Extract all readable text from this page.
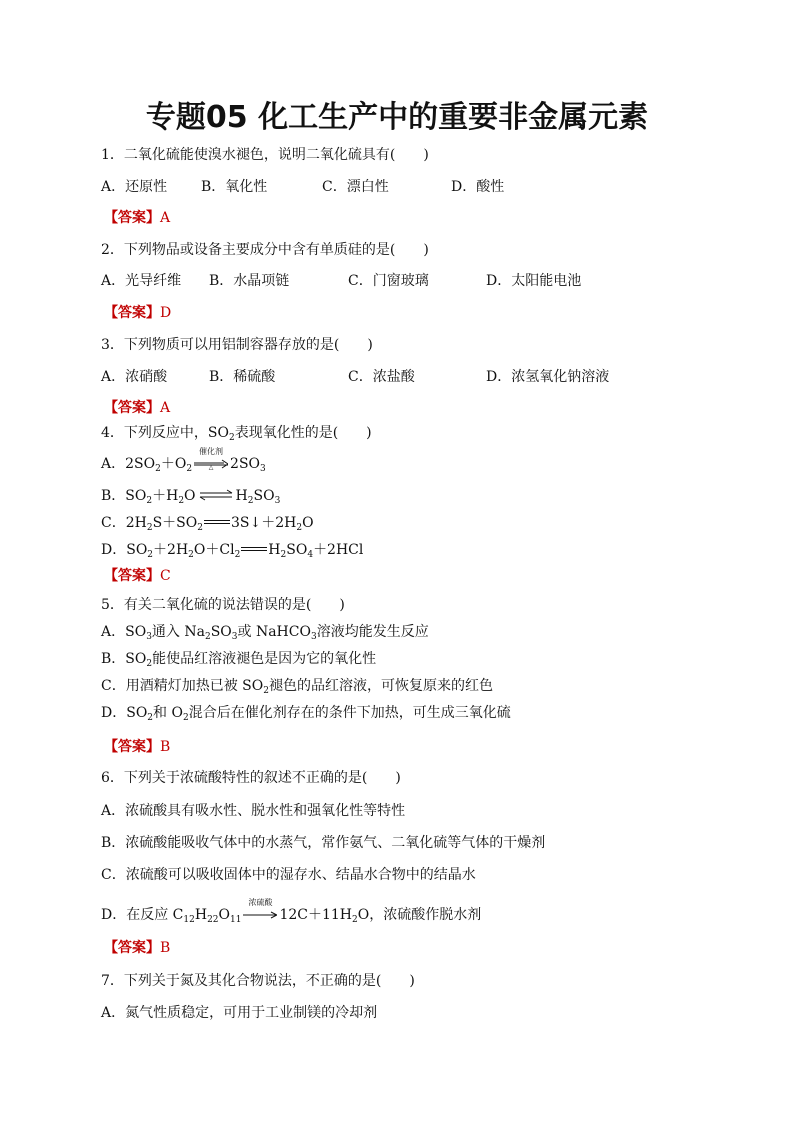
专题05 化工生产中的重要非金属元素
1．二氧化硫能使溴水褪色，说明二氧化硫具有(　　)
A．还原性 B．氧化性	C．漂白性	D．酸性
【答案】A
2．下列物品或设备主要成分中含有单质硅的是(　　)
A．光导纤维 B．水晶项链	C．门窗玻璃	D．太阳能电池
【答案】D
3．下列物质可以用铝制容器存放的是(　　)
A．浓硝酸	B．稀硫酸	C．浓盐酸	D．浓氢氧化钠溶液
【答案】A
4．下列反应中，$SO_2$表现氧化性的是(　　)
A．$2SO_2+O_2$
催化剂
△	$2SO_3$
B．$SO_2+H_2O$ ⇌ $H_2SO_3$
C．$2H_2S+SO_2$ $3S↓+2H_2O$
D．$SO_2+2H_2O+Cl_2$ $H_2SO_4+2HCl$
【答案】C
5．有关二氧化硫的说法错误的是(　　)
A．$SO_3$通入 $Na_2SO_3$或 NaHCO$_3$溶液均能发生反应
B．$SO_2$能使品红溶液褪色是因为它的氧化性
C．用酒精灯加热已被 $SO_2$褪色的品红溶液，可恢复原来的红色
D．$SO_2$和 $O_2$混合后在催化剂存在的条件下加热，可生成三氧化硫
【答案】B
6．下列关于浓硫酸特性的叙述不正确的是(　　)
A．浓硫酸具有吸水性、脱水性和强氧化性等特性
B．浓硫酸能吸收气体中的水蒸气，常作氨气、二氧化硫等气体的干燥剂
C．浓硫酸可以吸收固体中的湿存水、结晶水合物中的结晶水
D．在反应 $C_{12}H_{22}O_{11}$
浓硫酸
$12C+11H_2O$，浓硫酸作脱水剂
【答案】B
7．下列关于氮及其化合物说法，不正确的是(　　)
A．氮气性质稳定，可用于工业制镁的冷却剂
